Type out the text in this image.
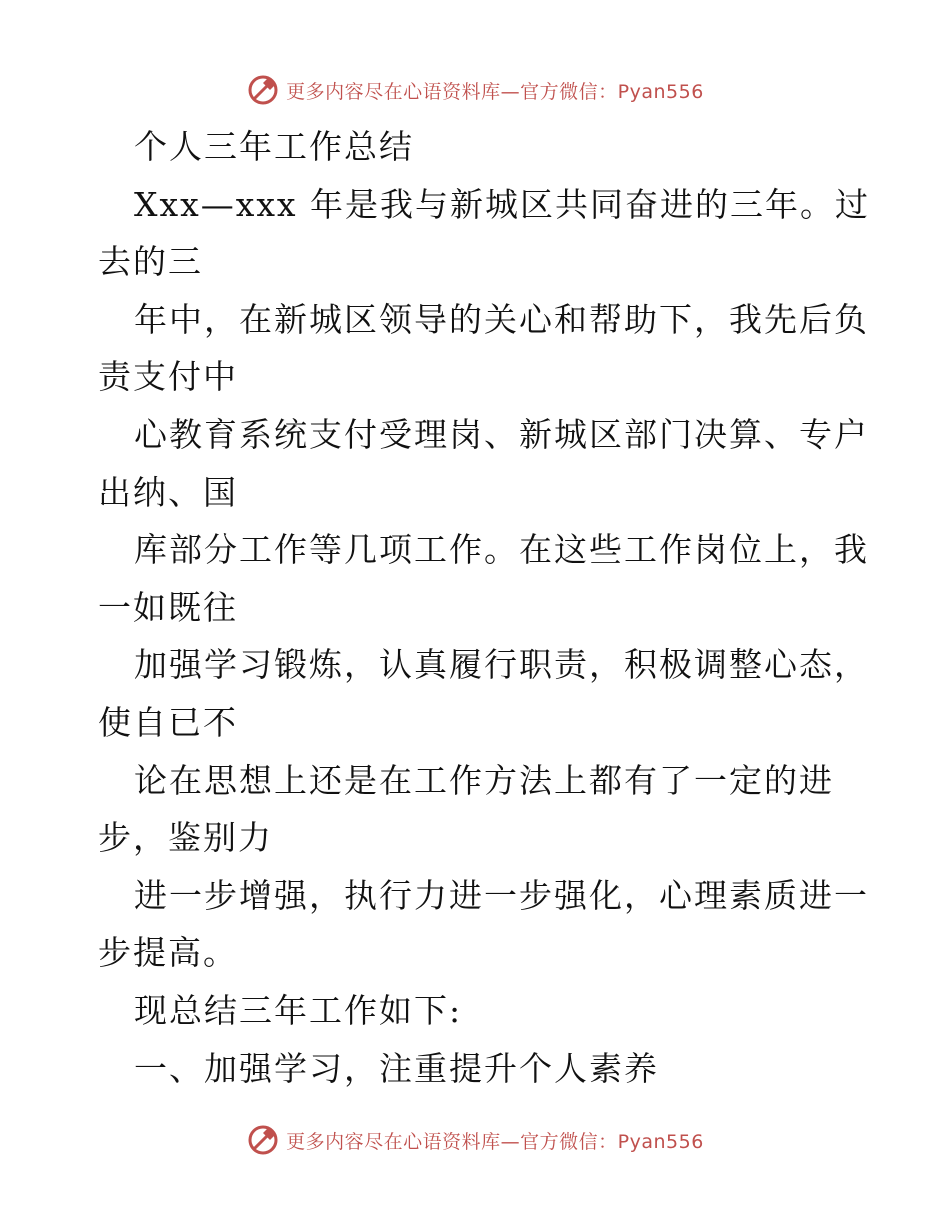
更多内容尽在心语资料库—官方微信：Pyan556
个人三年工作总结
Xxx—xxx 年是我与新城区共同奋进的三年。过
去的三
年中，在新城区领导的关心和帮助下，我先后负
责支付中
心教育系统支付受理岗、新城区部门决算、专户
出纳、国
库部分工作等几项工作。在这些工作岗位上，我
一如既往
加强学习锻炼，认真履行职责，积极调整心态，
使自已不
论在思想上还是在工作方法上都有了一定的进
步，鉴别力
进一步增强，执行力进一步强化，心理素质进一
步提高。
现总结三年工作如下:
一、加强学习，注重提升个人素养
更多内容尽在心语资料库—官方微信：Pyan556
